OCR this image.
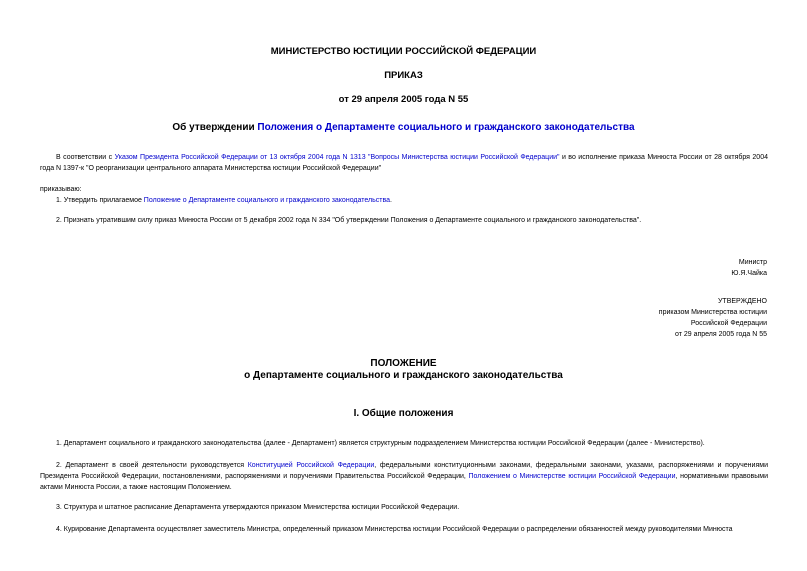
МИНИСТЕРСТВО ЮСТИЦИИ РОССИЙСКОЙ ФЕДЕРАЦИИ
ПРИКАЗ
от 29 апреля 2005 года N 55
Об утверждении Положения о Департаменте социального и гражданского законодательства
В соответствии с Указом Президента Российской Федерации от 13 октября 2004 года N 1313 "Вопросы Министерства юстиции Российской Федерации" и во исполнение приказа Минюста России от 28 октября 2004 года N 1397-к "О реорганизации центрального аппарата Министерства юстиции Российской Федерации"
приказываю:
1. Утвердить прилагаемое Положение о Департаменте социального и гражданского законодательства.
2. Признать утратившим силу приказ Минюста России от 5 декабря 2002 года N 334 "Об утверждении Положения о Департаменте социального и гражданского законодательства".
Министр
Ю.Я.Чайка
УТВЕРЖДЕНО
приказом Министерства юстиции
Российской Федерации
от 29 апреля 2005 года N 55
ПОЛОЖЕНИЕ
о Департаменте социального и гражданского законодательства
I. Общие положения
1. Департамент социального и гражданского законодательства (далее - Департамент) является структурным подразделением Министерства юстиции Российской Федерации (далее - Министерство).
2. Департамент в своей деятельности руководствуется Конституцией Российской Федерации, федеральными конституционными законами, федеральными законами, указами, распоряжениями и поручениями Президента Российской Федерации, постановлениями, распоряжениями и поручениями Правительства Российской Федерации, Положением о Министерстве юстиции Российской Федерации, нормативными правовыми актами Минюста России, а также настоящим Положением.
3. Структура и штатное расписание Департамента утверждаются приказом Министерства юстиции Российской Федерации.
4. Курирование Департамента осуществляет заместитель Министра, определенный приказом Министерства юстиции Российской Федерации о распределении обязанностей между руководителями Минюста
